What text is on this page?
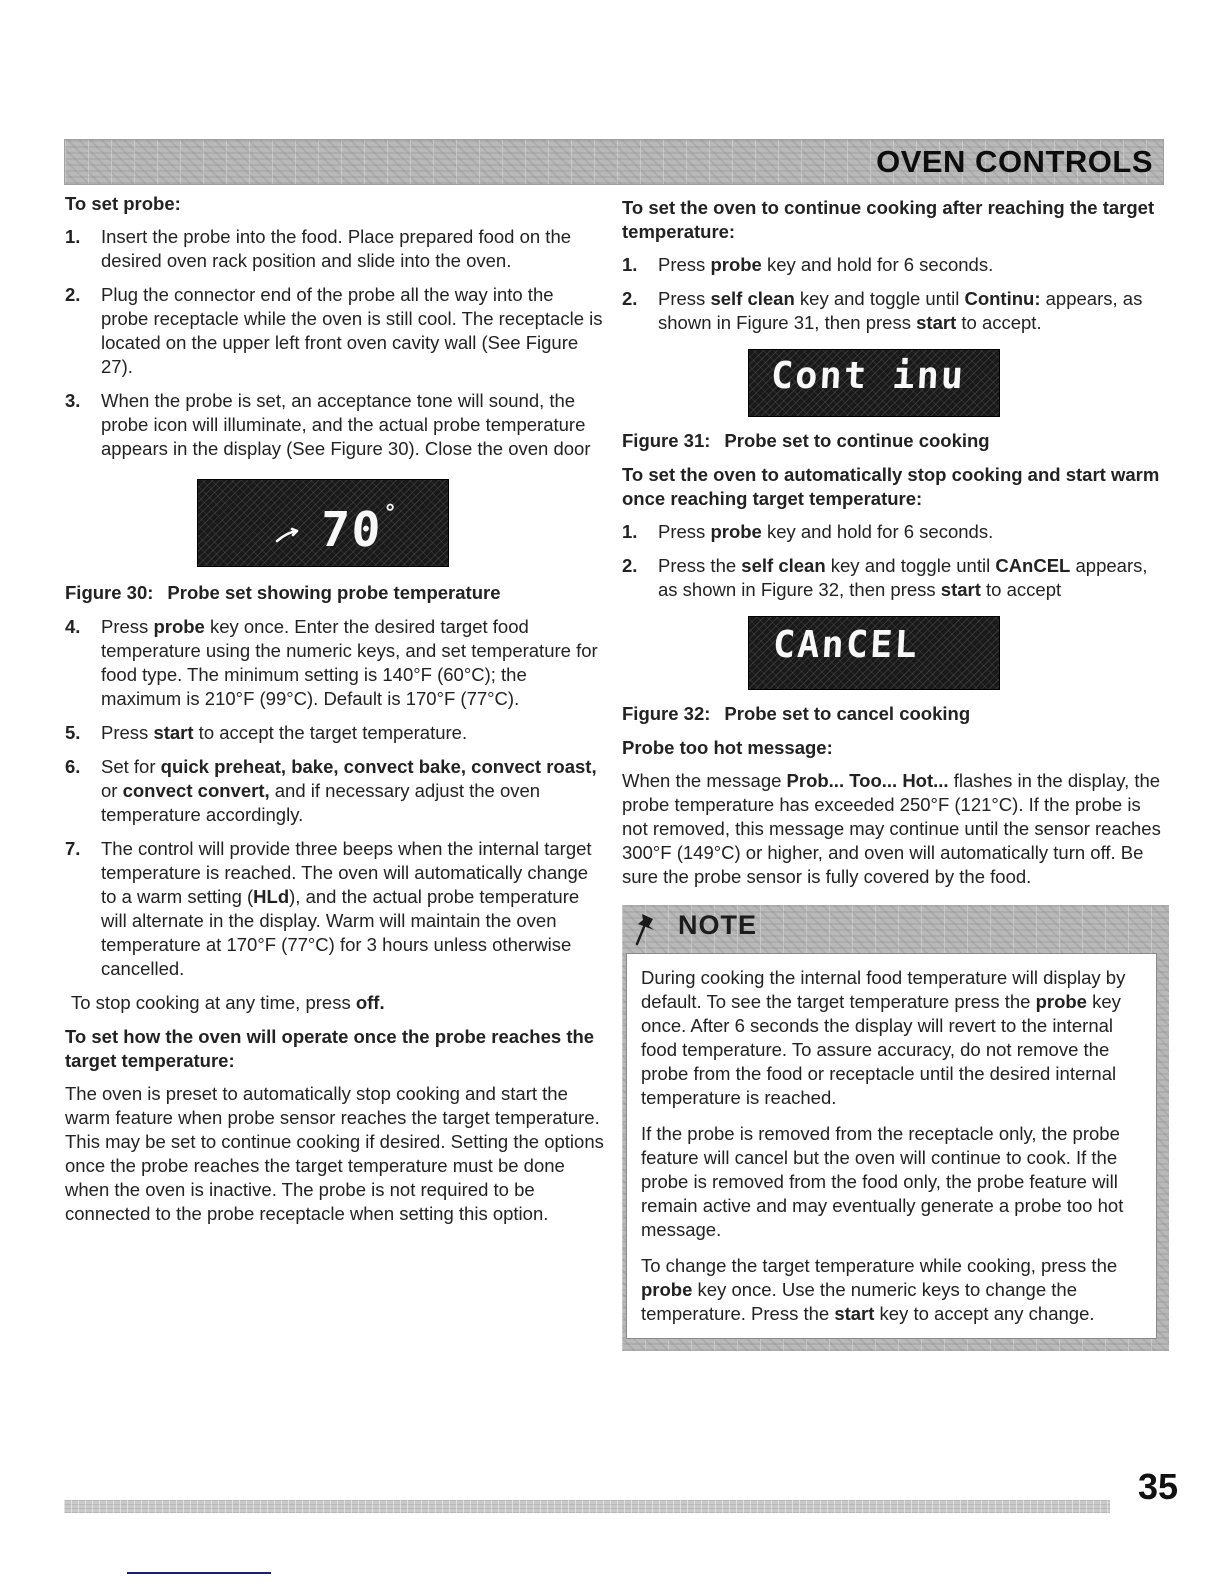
OVEN CONTROLS

To set probe:

1.	Insert the probe into the food. Place prepared food on the desired oven rack position and slide into the oven.
2.	Plug the connector end of the probe all the way into the probe receptacle while the oven is still cool. The receptacle is located on the upper left front oven cavity wall (See Figure 27).
3.	When the probe is set, an acceptance tone will sound, the probe icon will illuminate, and the actual probe temperature appears in the display (See Figure 30). Close the oven door
70°

Figure 30: Probe set showing probe temperature

4.	Press probe key once. Enter the desired target food temperature using the numeric keys, and set temperature for food type. The minimum setting is 140°F (60°C); the maximum is 210°F (99°C). Default is 170°F (77°C).
5.	Press start to accept the target temperature.
6.	Set for quick preheat, bake, convect bake, convect roast, or convect convert, and if necessary adjust the oven temperature accordingly.
7.	The control will provide three beeps when the internal target temperature is reached. The oven will automatically change to a warm setting (HLd), and the actual probe temperature will alternate in the display. Warm will maintain the oven temperature at 170°F (77°C) for 3 hours unless otherwise cancelled.

To stop cooking at any time, press off.

To set how the oven will operate once the probe reaches the target temperature:

The oven is preset to automatically stop cooking and start the warm feature when probe sensor reaches the target temperature. This may be set to continue cooking if desired. Setting the options once the probe reaches the target temperature must be done when the oven is inactive. The probe is not required to be connected to the probe receptacle when setting this option.

To set the oven to continue cooking after reaching the target temperature:

1.	Press probe key and hold for 6 seconds.
2.	Press self clean key and toggle until Continu: appears, as shown in Figure 31, then press start to accept.
Cont inu

Figure 31: Probe set to continue cooking

To set the oven to automatically stop cooking and start warm once reaching target temperature:

1.	Press probe key and hold for 6 seconds.
2.	Press the self clean key and toggle until CAnCEL appears, as shown in Figure 32, then press start to accept
CAnCEL

Figure 32: Probe set to cancel cooking

Probe too hot message:

When the message Prob... Too... Hot... flashes in the display, the probe temperature has exceeded 250°F (121°C). If the probe is not removed, this message may continue until the sensor reaches 300°F (149°C) or higher, and oven will automatically turn off. Be sure the probe sensor is fully covered by the food.

NOTE

During cooking the internal food temperature will display by default. To see the target temperature press the probe key once. After 6 seconds the display will revert to the internal food temperature. To assure accuracy, do not remove the probe from the food or receptacle until the desired internal temperature is reached.

If the probe is removed from the receptacle only, the probe feature will cancel but the oven will continue to cook. If the probe is removed from the food only, the probe feature will remain active and may eventually generate a probe too hot message.

To change the target temperature while cooking, press the probe key once. Use the numeric keys to change the temperature. Press the start key to accept any change.

35
